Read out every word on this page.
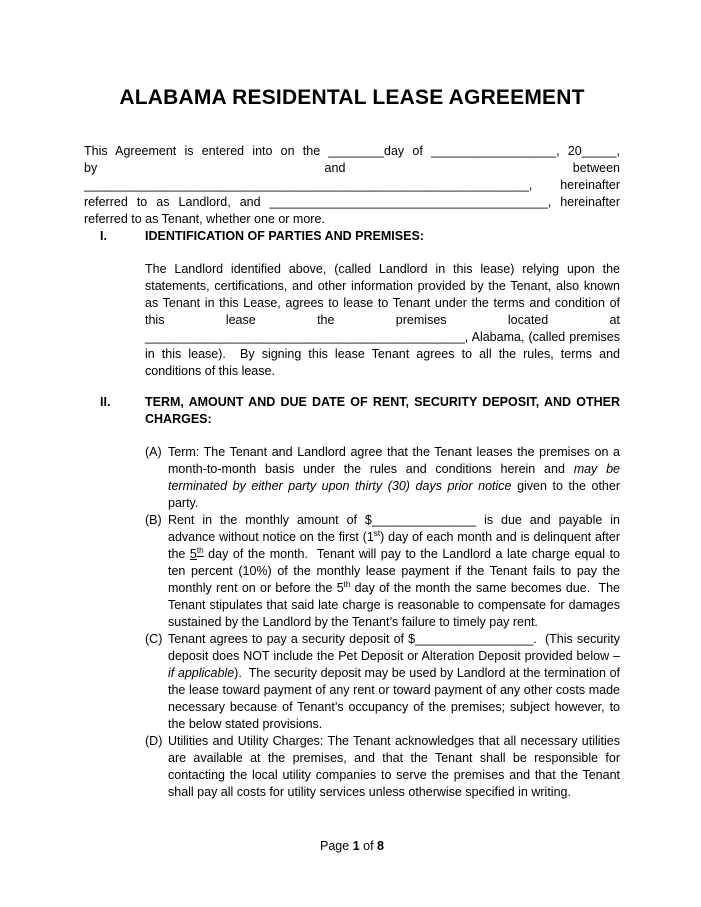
ALABAMA RESIDENTAL LEASE AGREEMENT
This Agreement is entered into on the ________day of __________________, 20_____,
by and between
________________________________________________________________, hereinafter
referred to as Landlord, and ________________________________________, hereinafter
referred to as Tenant, whether one or more.
I.	IDENTIFICATION OF PARTIES AND PREMISES:
The Landlord identified above, (called Landlord in this lease) relying upon the statements, certifications, and other information provided by the Tenant, also known as Tenant in this Lease, agrees to lease to Tenant under the terms and condition of this lease the premises located at ______________________________________________, Alabama, (called premises in this lease).  By signing this lease Tenant agrees to all the rules, terms and conditions of this lease.
II.	TERM, AMOUNT AND DUE DATE OF RENT, SECURITY DEPOSIT, AND OTHER
CHARGES:
(A) Term: The Tenant and Landlord agree that the Tenant leases the premises on a month-to-month basis under the rules and conditions herein and may be terminated by either party upon thirty (30) days prior notice given to the other party.
(B) Rent in the monthly amount of $_______________ is due and payable in advance without notice on the first (1st) day of each month and is delinquent after the 5th day of the month.  Tenant will pay to the Landlord a late charge equal to ten percent (10%) of the monthly lease payment if the Tenant fails to pay the monthly rent on or before the 5th day of the month the same becomes due.  The Tenant stipulates that said late charge is reasonable to compensate for damages sustained by the Landlord by the Tenant’s failure to timely pay rent.
(C) Tenant agrees to pay a security deposit of $_________________.  (This security deposit does NOT include the Pet Deposit or Alteration Deposit provided below – if applicable).  The security deposit may be used by Landlord at the termination of the lease toward payment of any rent or toward payment of any other costs made necessary because of Tenant’s occupancy of the premises; subject however, to the below stated provisions.
(D) Utilities and Utility Charges: The Tenant acknowledges that all necessary utilities are available at the premises, and that the Tenant shall be responsible for contacting the local utility companies to serve the premises and that the Tenant shall pay all costs for utility services unless otherwise specified in writing.
Page 1 of 8
